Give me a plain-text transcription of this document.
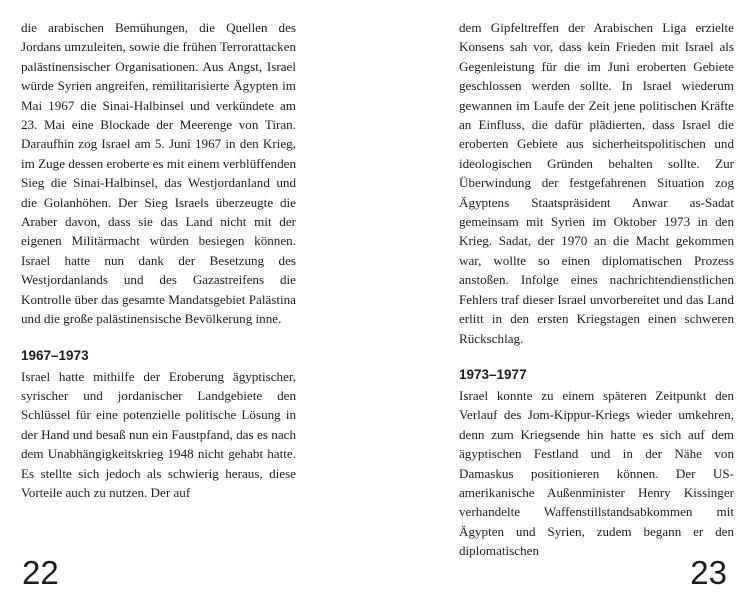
die arabischen Bemühungen, die Quellen des Jordans umzuleiten, sowie die frühen Terrorattacken palästinensischer Organisationen. Aus Angst, Israel würde Syrien angreifen, remilitarisierte Ägypten im Mai 1967 die Sinai-Halbinsel und verkündete am 23. Mai eine Blockade der Meerenge von Tiran. Daraufhin zog Israel am 5. Juni 1967 in den Krieg, im Zuge dessen eroberte es mit einem verblüffenden Sieg die Sinai-Halbinsel, das Westjordanland und die Golanhöhen. Der Sieg Israels überzeugte die Araber davon, dass sie das Land nicht mit der eigenen Militärmacht würden besiegen können. Israel hatte nun dank der Besetzung des Westjordanlands und des Gazastreifens die Kontrolle über das gesamte Mandatsgebiet Palästina und die große palästinensische Bevölkerung inne.

1967–1973

Israel hatte mithilfe der Eroberung ägyptischer, syrischer und jordanischer Landgebiete den Schlüssel für eine potenzielle politische Lösung in der Hand und besaß nun ein Faustpfand, das es nach dem Unabhängigkeitskrieg 1948 nicht gehabt hatte. Es stellte sich jedoch als schwierig heraus, diese Vorteile auch zu nutzen. Der auf

22

dem Gipfeltreffen der Arabischen Liga erzielte Konsens sah vor, dass kein Frieden mit Israel als Gegenleistung für die im Juni eroberten Gebiete geschlossen werden sollte. In Israel wiederum gewannen im Laufe der Zeit jene politischen Kräfte an Einfluss, die dafür plädierten, dass Israel die eroberten Gebiete aus sicherheitspolitischen und ideologischen Gründen behalten sollte. Zur Überwindung der festgefahrenen Situation zog Ägyptens Staatspräsident Anwar as-Sadat gemeinsam mit Syrien im Oktober 1973 in den Krieg. Sadat, der 1970 an die Macht gekommen war, wollte so einen diplomatischen Prozess anstoßen. Infolge eines nachrichtendienstlichen Fehlers traf dieser Israel unvorbereitet und das Land erlitt in den ersten Kriegstagen einen schweren Rückschlag.

1973–1977

Israel konnte zu einem späteren Zeitpunkt den Verlauf des Jom-Kippur-Kriegs wieder umkehren, denn zum Kriegsende hin hatte es sich auf dem ägyptischen Festland und in der Nähe von Damaskus positionieren können. Der US-amerikanische Außenminister Henry Kissinger verhandelte Waffenstillstandsabkommen mit Ägypten und Syrien, zudem begann er den diplomatischen

23
